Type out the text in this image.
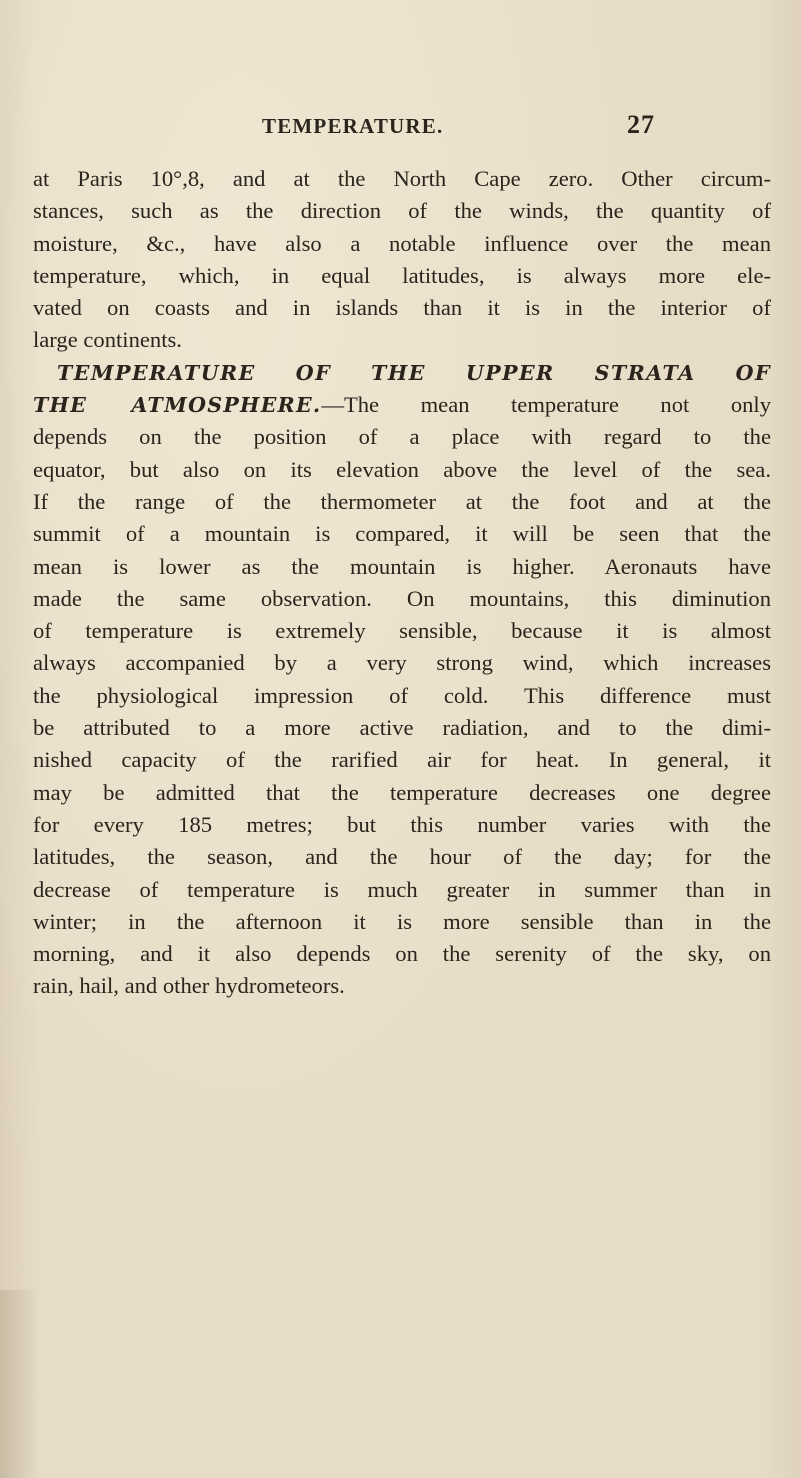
TEMPERATURE.	27
at Paris 10°,8, and at the North Cape zero. Other circum-
stances, such as the direction of the winds, the quantity of
moisture, &c., have also a notable influence over the mean
temperature, which, in equal latitudes, is always more ele-
vated on coasts and in islands than it is in the interior of
large continents.
TEMPERATURE OF THE UPPER STRATA OF
THE ATMOSPHERE.—The mean temperature not only
depends on the position of a place with regard to the
equator, but also on its elevation above the level of the sea.
If the range of the thermometer at the foot and at the
summit of a mountain is compared, it will be seen that the
mean is lower as the mountain is higher. Aeronauts have
made the same observation. On mountains, this diminution
of temperature is extremely sensible, because it is almost
always accompanied by a very strong wind, which increases
the physiological impression of cold. This difference must
be attributed to a more active radiation, and to the dimi-
nished capacity of the rarified air for heat. In general, it
may be admitted that the temperature decreases one degree
for every 185 metres; but this number varies with the
latitudes, the season, and the hour of the day; for the
decrease of temperature is much greater in summer than in
winter; in the afternoon it is more sensible than in the
morning, and it also depends on the serenity of the sky, on
rain, hail, and other hydrometeors.
